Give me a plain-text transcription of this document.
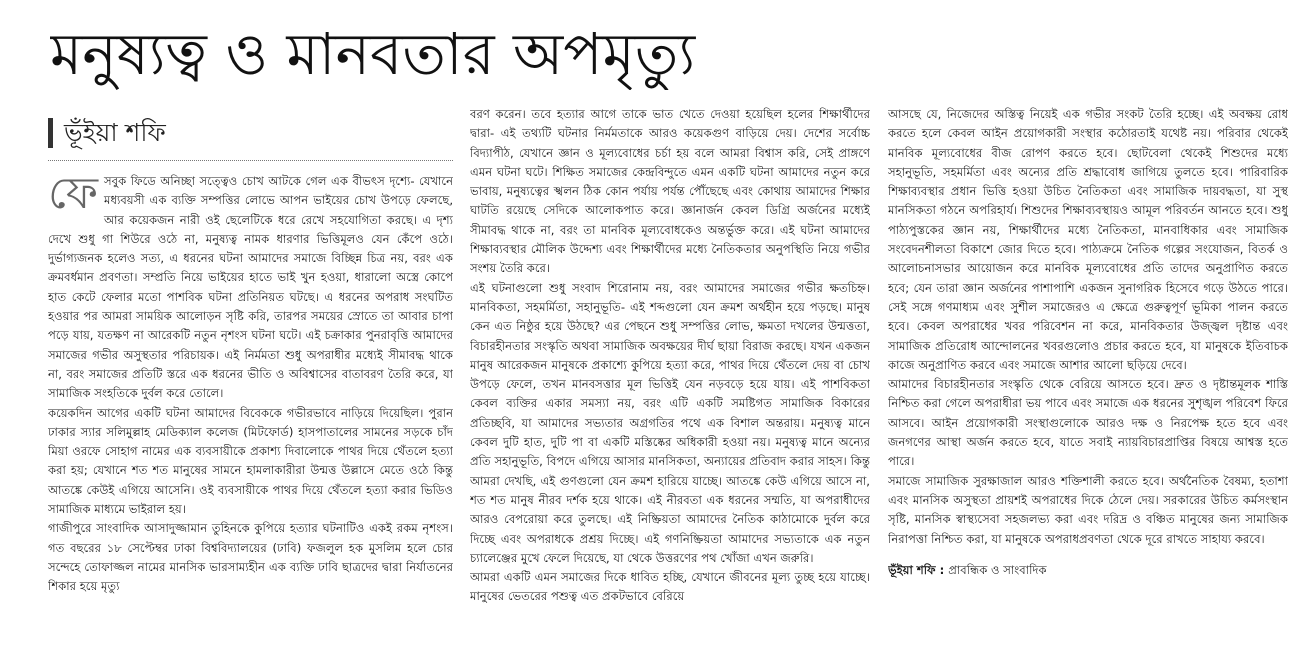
মনুষ্যত্ব ও মানবতার অপমৃত্যু
ভূঁইয়া শফি

ফেসবুক ফিডে অনিচ্ছা সত্ত্বেও চোখ আটকে গেল এক বীভৎস দৃশ্যে- যেখানে মধ্যবয়সী এক ব্যক্তি সম্পত্তির লোভে আপন ভাইয়ের চোখ উপড়ে ফেলছে, আর কয়েকজন নারী ওই ছেলেটিকে ধরে রেখে সহযোগিতা করছে। এ দৃশ্য দেখে শুধু গা শিউরে ওঠে না, মনুষ্যত্ব নামক ধারণার ভিত্তিমূলও যেন কেঁপে ওঠে। দুর্ভাগ্যজনক হলেও সত্য, এ ধরনের ঘটনা আমাদের সমাজে বিচ্ছিন্ন চিত্র নয়, বরং এক ক্রমবর্ধমান প্রবণতা। সম্প্রতি নিয়ে ভাইয়ের হাতে ভাই খুন হওয়া, ধারালো অস্ত্রে কোপে হাত কেটে ফেলার মতো পাশবিক ঘটনা প্রতিনিয়ত ঘটছে। এ ধরনের অপরাধ সংঘটিত হওয়ার পর আমরা সাময়িক আলোড়ন সৃষ্টি করি, তারপর সময়ের স্রোতে তা আবার চাপা পড়ে যায়, যতক্ষণ না আরেকটি নতুন নৃশংস ঘটনা ঘটে। এই চক্রাকার পুনরাবৃত্তি আমাদের সমাজের গভীর অসুস্থতার পরিচায়ক। এই নির্মমতা শুধু অপরাধীর মধ্যেই সীমাবদ্ধ থাকে না, বরং সমাজের প্রতিটি স্তরে এক ধরনের ভীতি ও অবিশ্বাসের বাতাবরণ তৈরি করে, যা সামাজিক সংহতিকে দুর্বল করে তোলে।

কয়েকদিন আগের একটি ঘটনা আমাদের বিবেককে গভীরভাবে নাড়িয়ে দিয়েছিল। পুরান ঢাকার স্যার সলিমুল্লাহ মেডিক্যাল কলেজ (মিটফোর্ড) হাসপাতালের সামনের সড়কে চাঁদ মিয়া ওরফে সোহাগ নামের এক ব্যবসায়ীকে প্রকাশ্য দিবালোকে পাথর দিয়ে থেঁতলে হত্যা করা হয়; যেখানে শত শত মানুষের সামনে হামলাকারীরা উন্মত্ত উল্লাসে মেতে ওঠে কিন্তু আতঙ্কে কেউই এগিয়ে আসেনি। ওই ব্যবসায়ীকে পাথর দিয়ে থেঁতলে হত্যা করার ভিডিও সামাজিক মাধ্যমে ভাইরাল হয়।

গাজীপুরে সাংবাদিক আসাদুজ্জামান তুহিনকে কুপিয়ে হত্যার ঘটনাটিও একই রকম নৃশংস। গত বছরের ১৮ সেপ্টেম্বর ঢাকা বিশ্ববিদ্যালয়ের (ঢাবি) ফজলুল হক মুসলিম হলে চোর সন্দেহে তোফাজ্জল নামের মানসিক ভারসাম্যহীন এক ব্যক্তি ঢাবি ছাত্রদের দ্বারা নির্যাতনের শিকার হয়ে মৃত্যু

বরণ করেন। তবে হত্যার আগে তাকে ভাত খেতে দেওয়া হয়েছিল হলের শিক্ষার্থীদের দ্বারা- এই তথ্যটি ঘটনার নির্মমতাকে আরও কয়েকগুণ বাড়িয়ে দেয়। দেশের সর্বোচ্চ বিদ্যাপীঠ, যেখানে জ্ঞান ও মূল্যবোধের চর্চা হয় বলে আমরা বিশ্বাস করি, সেই প্রাঙ্গণে এমন ঘটনা ঘটে। শিক্ষিত সমাজের কেন্দ্রবিন্দুতে এমন একটি ঘটনা আমাদের নতুন করে ভাবায়, মনুষ্যত্বের স্খলন ঠিক কোন পর্যায় পর্যন্ত পৌঁছেছে এবং কোথায় আমাদের শিক্ষার ঘাটতি রয়েছে সেদিকে আলোকপাত করে। জ্ঞানার্জন কেবল ডিগ্রি অর্জনের মধ্যেই সীমাবদ্ধ থাকে না, বরং তা মানবিক মূল্যবোধকেও অন্তর্ভুক্ত করে। এই ঘটনা আমাদের শিক্ষাব্যবস্থার মৌলিক উদ্দেশ্য এবং শিক্ষার্থীদের মধ্যে নৈতিকতার অনুপস্থিতি নিয়ে গভীর সংশয় তৈরি করে।

এই ঘটনাগুলো শুধু সংবাদ শিরোনাম নয়, বরং আমাদের সমাজের গভীর ক্ষতচিহ্ন। মানবিকতা, সহমর্মিতা, সহানুভূতি- এই শব্দগুলো যেন ক্রমশ অর্থহীন হয়ে পড়ছে। মানুষ কেন এত নিষ্ঠুর হয়ে উঠছে? এর পেছনে শুধু সম্পত্তির লোভ, ক্ষমতা দখলের উন্মত্ততা, বিচারহীনতার সংস্কৃতি অথবা সামাজিক অবক্ষয়ের দীর্ঘ ছায়া বিরাজ করছে। যখন একজন মানুষ আরেকজন মানুষকে প্রকাশ্যে কুপিয়ে হত্যা করে, পাথর দিয়ে থেঁতলে দেয় বা চোখ উপড়ে ফেলে, তখন মানবসত্তার মূল ভিত্তিই যেন নড়বড়ে হয়ে যায়। এই পাশবিকতা কেবল ব্যক্তির একার সমস্যা নয়, বরং এটি একটি সমষ্টিগত সামাজিক বিকারের প্রতিচ্ছবি, যা আমাদের সভ্যতার অগ্রগতির পথে এক বিশাল অন্তরায়। মনুষ্যত্ব মানে কেবল দুটি হাত, দুটি পা বা একটি মস্তিষ্কের অধিকারী হওয়া নয়। মনুষ্যত্ব মানে অন্যের প্রতি সহানুভূতি, বিপদে এগিয়ে আসার মানসিকতা, অন্যায়ের প্রতিবাদ করার সাহস। কিন্তু আমরা দেখছি, এই গুণগুলো যেন ক্রমশ হারিয়ে যাচ্ছে। আতঙ্কে কেউ এগিয়ে আসে না, শত শত মানুষ নীরব দর্শক হয়ে থাকে। এই নীরবতা এক ধরনের সম্মতি, যা অপরাধীদের আরও বেপরোয়া করে তুলছে। এই নিষ্ক্রিয়তা আমাদের নৈতিক কাঠামোকে দুর্বল করে দিচ্ছে এবং অপরাধকে প্রশ্রয় দিচ্ছে। এই গণনিষ্ক্রিয়তা আমাদের সভ্যতাকে এক নতুন চ্যালেঞ্জের মুখে ফেলে দিয়েছে, যা থেকে উত্তরণের পথ খোঁজা এখন জরুরি।

আমরা একটি এমন সমাজের দিকে ধাবিত হচ্ছি, যেখানে জীবনের মূল্য তুচ্ছ হয়ে যাচ্ছে। মানুষের ভেতরের পশুত্ব এত প্রকটভাবে বেরিয়ে

আসছে যে, নিজেদের অস্তিত্ব নিয়েই এক গভীর সংকট তৈরি হচ্ছে। এই অবক্ষয় রোধ করতে হলে কেবল আইন প্রয়োগকারী সংস্থার কঠোরতাই যথেষ্ট নয়। পরিবার থেকেই মানবিক মূল্যবোধের বীজ রোপণ করতে হবে। ছোটবেলা থেকেই শিশুদের মধ্যে সহানুভূতি, সহমর্মিতা এবং অন্যের প্রতি শ্রদ্ধাবোধ জাগিয়ে তুলতে হবে। পারিবারিক শিক্ষাব্যবস্থার প্রধান ভিত্তি হওয়া উচিত নৈতিকতা এবং সামাজিক দায়বদ্ধতা, যা সুস্থ মানসিকতা গঠনে অপরিহার্য। শিশুদের শিক্ষাব্যবস্থায়ও আমূল পরিবর্তন আনতে হবে। শুধু পাঠ্যপুস্তকের জ্ঞান নয়, শিক্ষার্থীদের মধ্যে নৈতিকতা, মানবাধিকার এবং সামাজিক সংবেদনশীলতা বিকাশে জোর দিতে হবে। পাঠ্যক্রমে নৈতিক গল্পের সংযোজন, বিতর্ক ও আলোচনাসভার আয়োজন করে মানবিক মূল্যবোধের প্রতি তাদের অনুপ্রাণিত করতে হবে; যেন তারা জ্ঞান অর্জনের পাশাপাশি একজন সুনাগরিক হিসেবে গড়ে উঠতে পারে। সেই সঙ্গে গণমাধ্যম এবং সুশীল সমাজেরও এ ক্ষেত্রে গুরুত্বপূর্ণ ভূমিকা পালন করতে হবে। কেবল অপরাধের খবর পরিবেশন না করে, মানবিকতার উজ্জ্বল দৃষ্টান্ত এবং সামাজিক প্রতিরোধ আন্দোলনের খবরগুলোও প্রচার করতে হবে, যা মানুষকে ইতিবাচক কাজে অনুপ্রাণিত করবে এবং সমাজে আশার আলো ছড়িয়ে দেবে।

আমাদের বিচারহীনতার সংস্কৃতি থেকে বেরিয়ে আসতে হবে। দ্রুত ও দৃষ্টান্তমূলক শাস্তি নিশ্চিত করা গেলে অপরাধীরা ভয় পাবে এবং সমাজে এক ধরনের সুশৃঙ্খল পরিবেশ ফিরে আসবে। আইন প্রয়োগকারী সংস্থাগুলোকে আরও দক্ষ ও নিরপেক্ষ হতে হবে এবং জনগণের আস্থা অর্জন করতে হবে, যাতে সবাই ন্যায়বিচারপ্রাপ্তির বিষয়ে আশ্বস্ত হতে পারে।

সমাজে সামাজিক সুরক্ষাজাল আরও শক্তিশালী করতে হবে। অর্থনৈতিক বৈষম্য, হতাশা এবং মানসিক অসুস্থতা প্রায়শই অপরাধের দিকে ঠেলে দেয়। সরকারের উচিত কর্মসংস্থান সৃষ্টি, মানসিক স্বাস্থ্যসেবা সহজলভ্য করা এবং দরিদ্র ও বঞ্চিত মানুষের জন্য সামাজিক নিরাপত্তা নিশ্চিত করা, যা মানুষকে অপরাধপ্রবণতা থেকে দূরে রাখতে সাহায্য করবে।

ভূঁইয়া শফি : প্রাবন্ধিক ও সাংবাদিক
